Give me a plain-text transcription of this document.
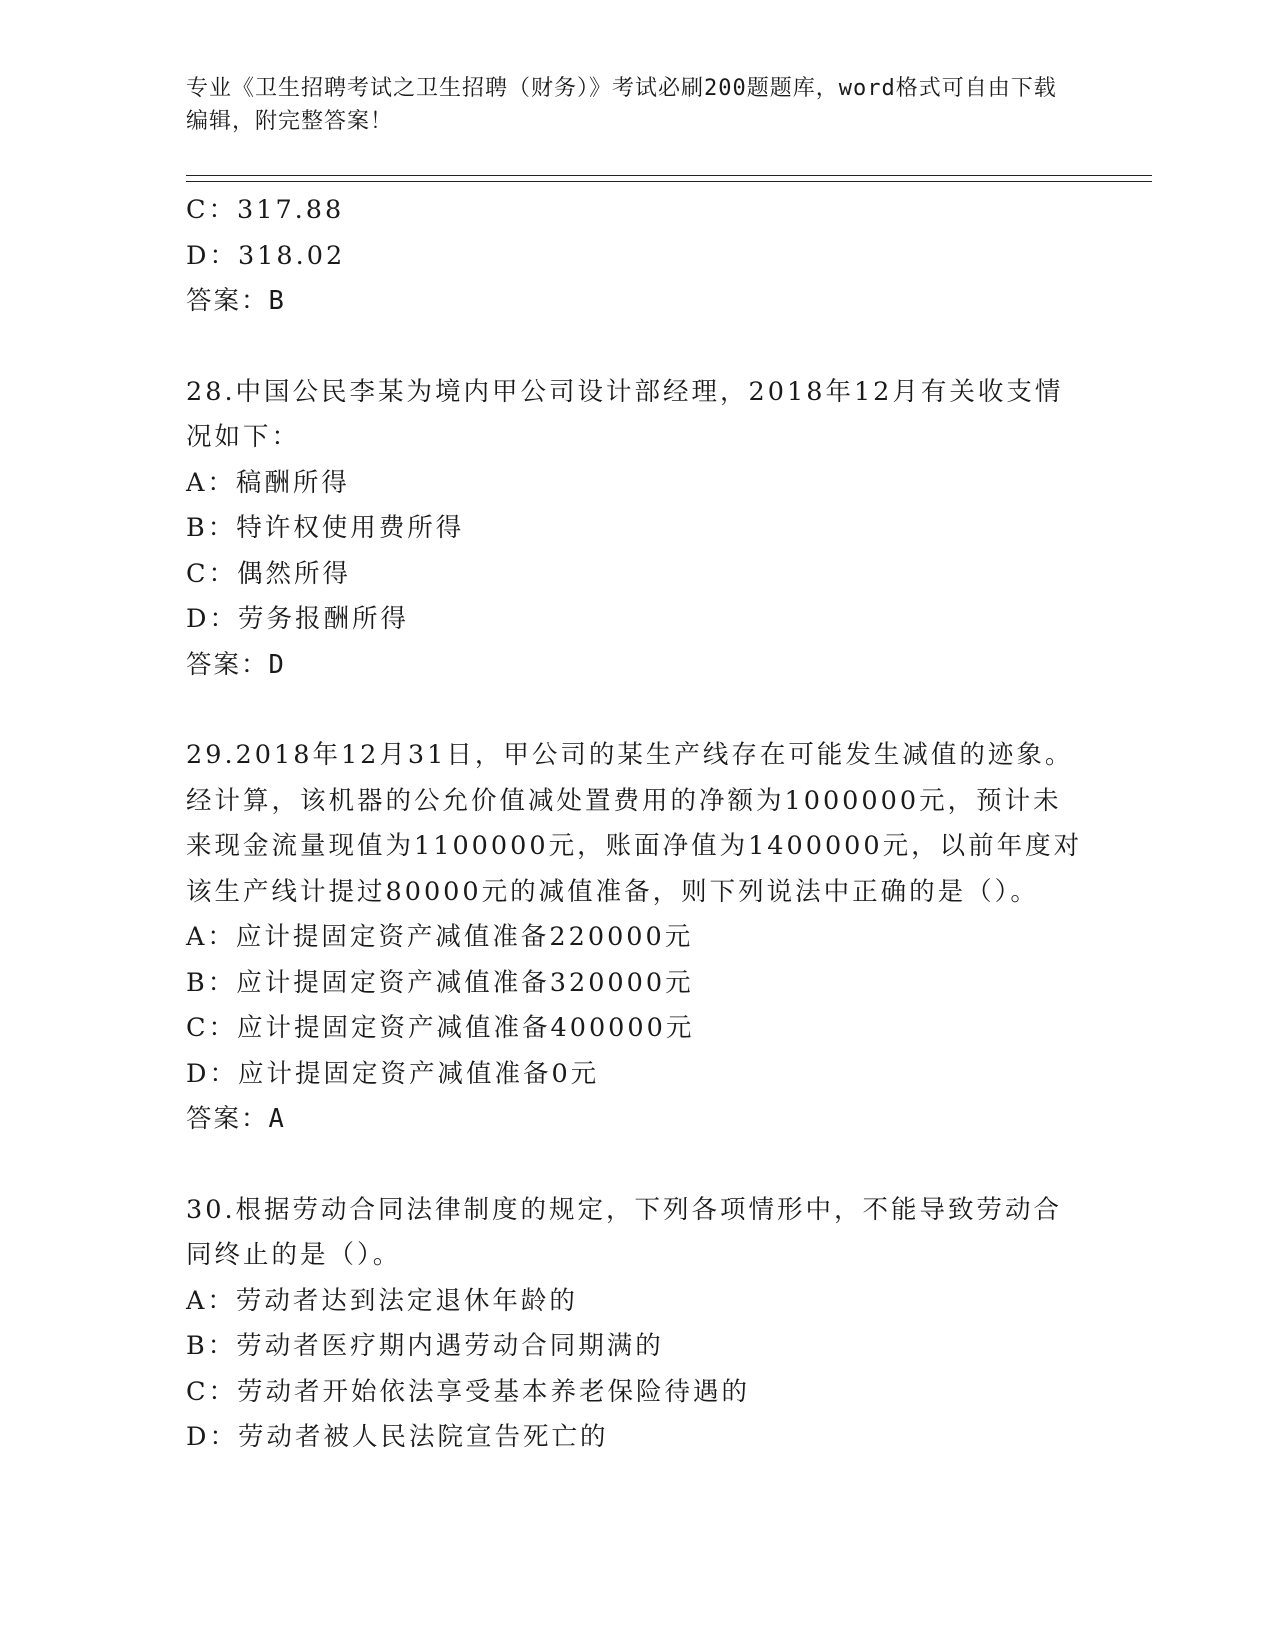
专业《卫生招聘考试之卫生招聘（财务）》考试必刷200题题库，word格式可自由下载编辑，附完整答案！
C：317.88
D：318.02
答案：B
28.中国公民李某为境内甲公司设计部经理，2018年12月有关收支情
况如下：
A：稿酬所得
B：特许权使用费所得
C：偶然所得
D：劳务报酬所得
答案：D
29.2018年12月31日，甲公司的某生产线存在可能发生减值的迹象。
经计算，该机器的公允价值减处置费用的净额为1000000元，预计未
来现金流量现值为1100000元，账面净值为1400000元，以前年度对
该生产线计提过80000元的减值准备，则下列说法中正确的是（）。
A：应计提固定资产减值准备220000元
B：应计提固定资产减值准备320000元
C：应计提固定资产减值准备400000元
D：应计提固定资产减值准备0元
答案：A
30.根据劳动合同法律制度的规定，下列各项情形中，不能导致劳动合
同终止的是（）。
A：劳动者达到法定退休年龄的
B：劳动者医疗期内遇劳动合同期满的
C：劳动者开始依法享受基本养老保险待遇的
D：劳动者被人民法院宣告死亡的
